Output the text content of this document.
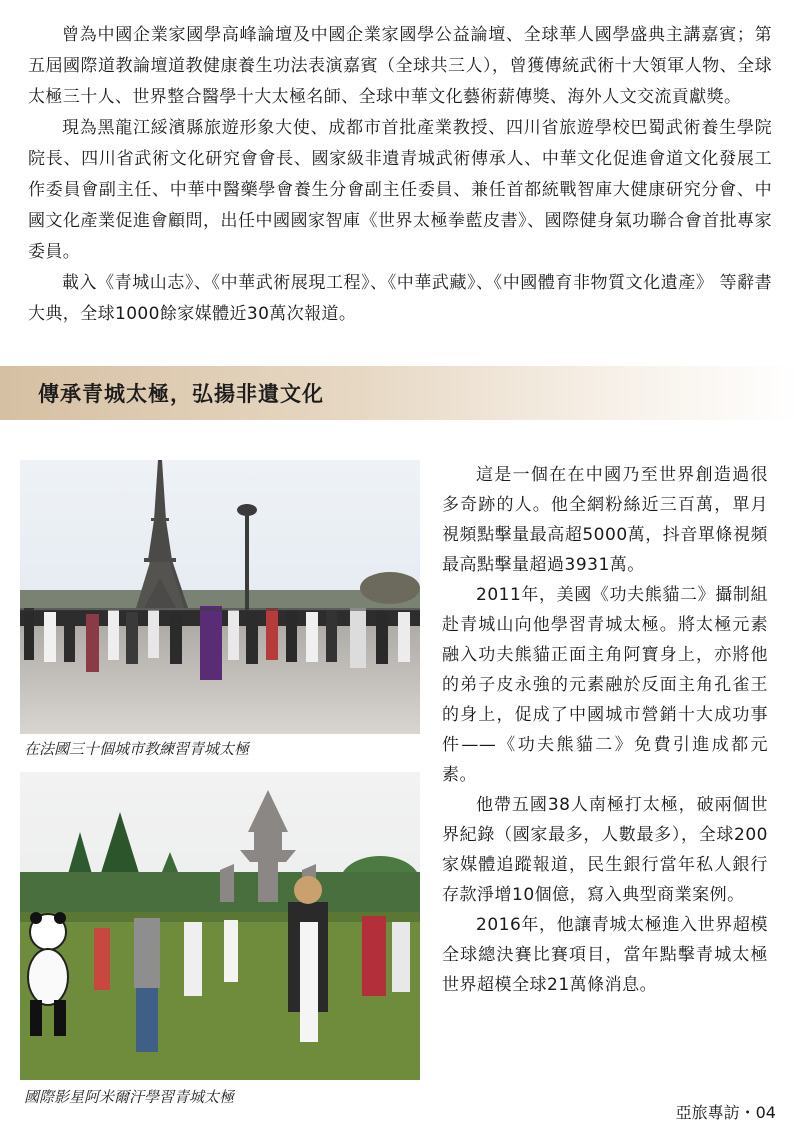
曾為中國企業家國學高峰論壇及中國企業家國學公益論壇、全球華人國學盛典主講嘉賓；第五屆國際道教論壇道教健康養生功法表演嘉賓（全球共三人），曾獲傳統武術十大領軍人物、全球太極三十人、世界整合醫學十大太極名師、全球中華文化藝術薪傳獎、海外人文交流貢獻獎。

現為黑龍江綏濱縣旅遊形象大使、成都市首批產業教授、四川省旅遊學校巴蜀武術養生學院院長、四川省武術文化研究會會長、國家級非遺青城武術傳承人、中華文化促進會道文化發展工作委員會副主任、中華中醫藥學會養生分會副主任委員、兼任首都統戰智庫大健康研究分會、中國文化產業促進會顧問，出任中國國家智庫《世界太極拳藍皮書》、國際健身氣功聯合會首批專家委員。

載入《青城山志》、《中華武術展現工程》、《中華武藏》、《中國體育非物質文化遺產》 等辭書大典，全球1000餘家媒體近30萬次報道。

傳承青城太極，弘揚非遺文化
在法國三十個城市教練習青城太極
國際影星阿米爾汗學習青城太極

這是一個在在中國乃至世界創造過很多奇跡的人。他全網粉絲近三百萬，單月視頻點擊量最高超5000萬，抖音單條視頻最高點擊量超過3931萬。

2011年，美國《功夫熊貓二》攝制組赴青城山向他學習青城太極。將太極元素融入功夫熊貓正面主角阿寶身上，亦將他的弟子皮永強的元素融於反面主角孔雀王的身上，促成了中國城市營銷十大成功事件——《功夫熊貓二》免費引進成都元素。

他帶五國38人南極打太極，破兩個世界紀錄（國家最多，人數最多），全球200家媒體追蹤報道，民生銀行當年私人銀行存款淨增10個億，寫入典型商業案例。

2016年，他讓青城太極進入世界超模全球總決賽比賽項目，當年點擊青城太極世界超模全球21萬條消息。

亞旅專訪・04
